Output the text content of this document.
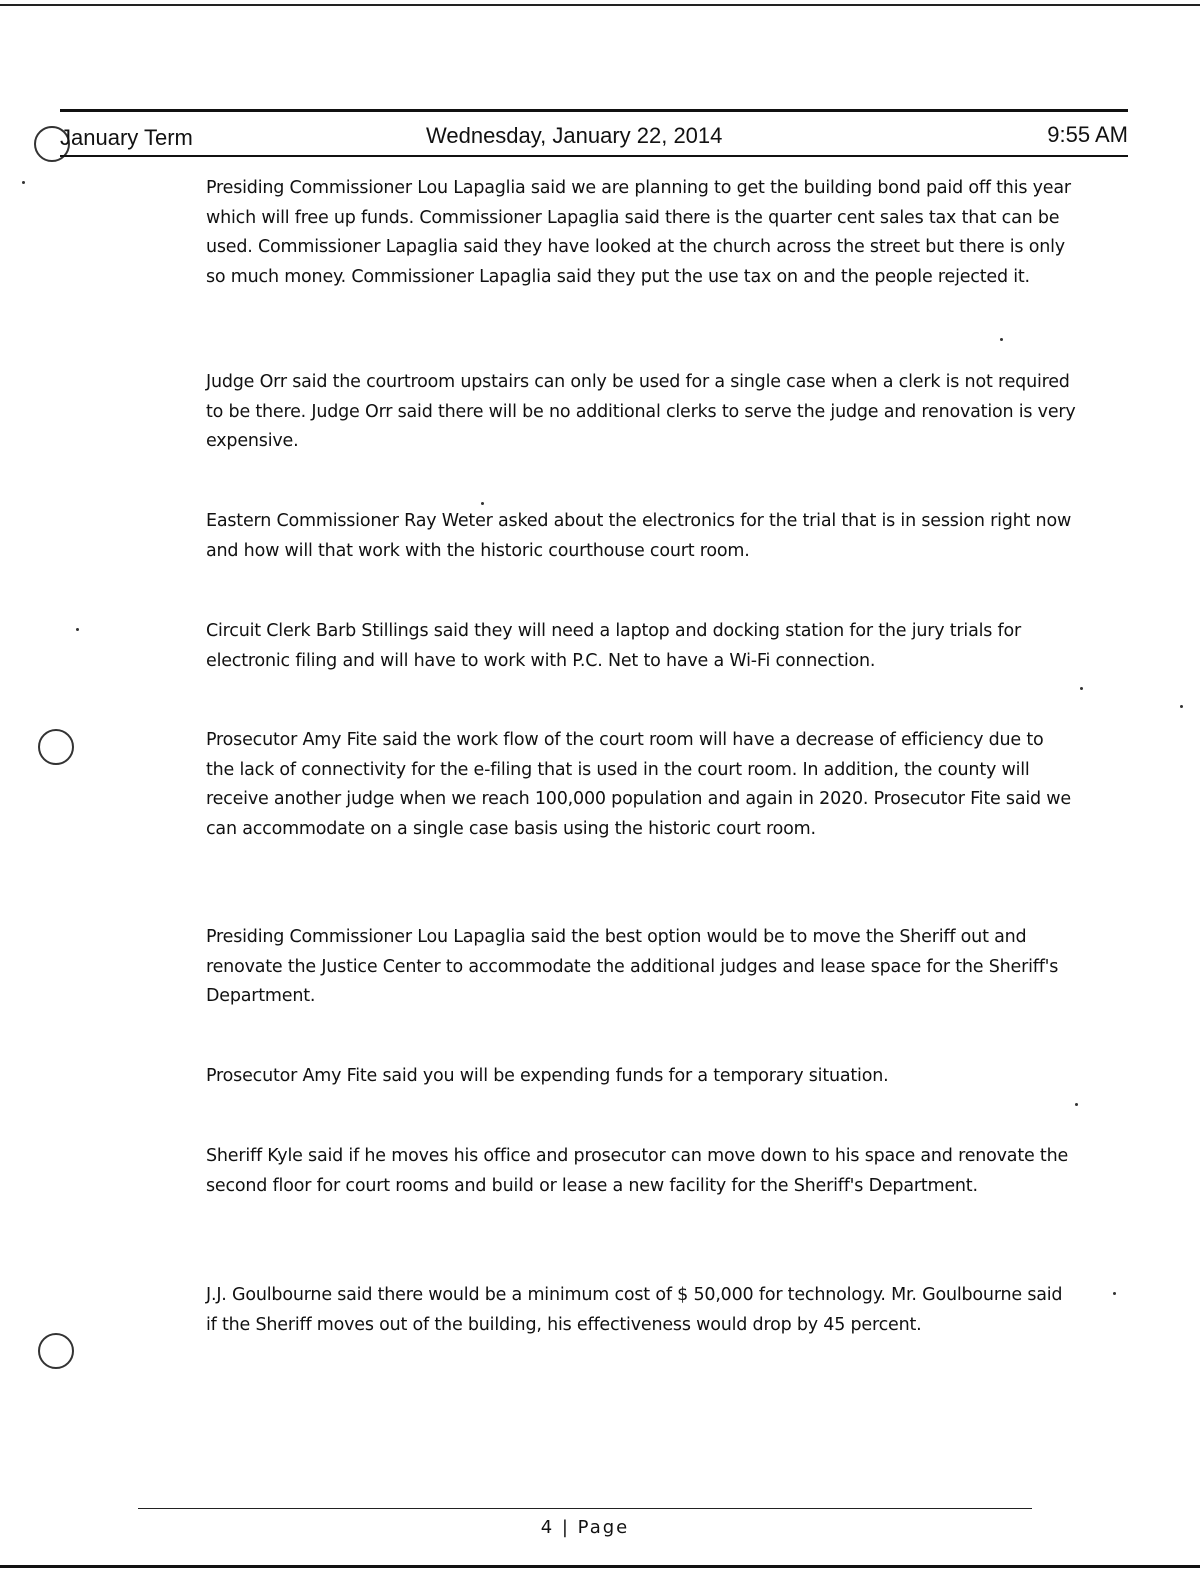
January Term	Wednesday, January 22, 2014	9:55 AM

Presiding Commissioner Lou Lapaglia said we are planning to get the building bond paid off this year which will free up funds. Commissioner Lapaglia said there is the quarter cent sales tax that can be used. Commissioner Lapaglia said they have looked at the church across the street but there is only so much money. Commissioner Lapaglia said they put the use tax on and the people rejected it.

Judge Orr said the courtroom upstairs can only be used for a single case when a clerk is not required to be there. Judge Orr said there will be no additional clerks to serve the judge and renovation is very expensive.

Eastern Commissioner Ray Weter asked about the electronics for the trial that is in session right now and how will that work with the historic courthouse court room.

Circuit Clerk Barb Stillings said they will need a laptop and docking station for the jury trials for electronic filing and will have to work with P.C. Net to have a Wi-Fi connection.

Prosecutor Amy Fite said the work flow of the court room will have a decrease of efficiency due to the lack of connectivity for the e-filing that is used in the court room. In addition, the county will receive another judge when we reach 100,000 population and again in 2020. Prosecutor Fite said we can accommodate on a single case basis using the historic court room.

Presiding Commissioner Lou Lapaglia said the best option would be to move the Sheriff out and renovate the Justice Center to accommodate the additional judges and lease space for the Sheriff's Department.

Prosecutor Amy Fite said you will be expending funds for a temporary situation.

Sheriff Kyle said if he moves his office and prosecutor can move down to his space and renovate the second floor for court rooms and build or lease a new facility for the Sheriff's Department.

J.J. Goulbourne said there would be a minimum cost of $ 50,000 for technology. Mr. Goulbourne said if the Sheriff moves out of the building, his effectiveness would drop by 45 percent.

4 | Page
